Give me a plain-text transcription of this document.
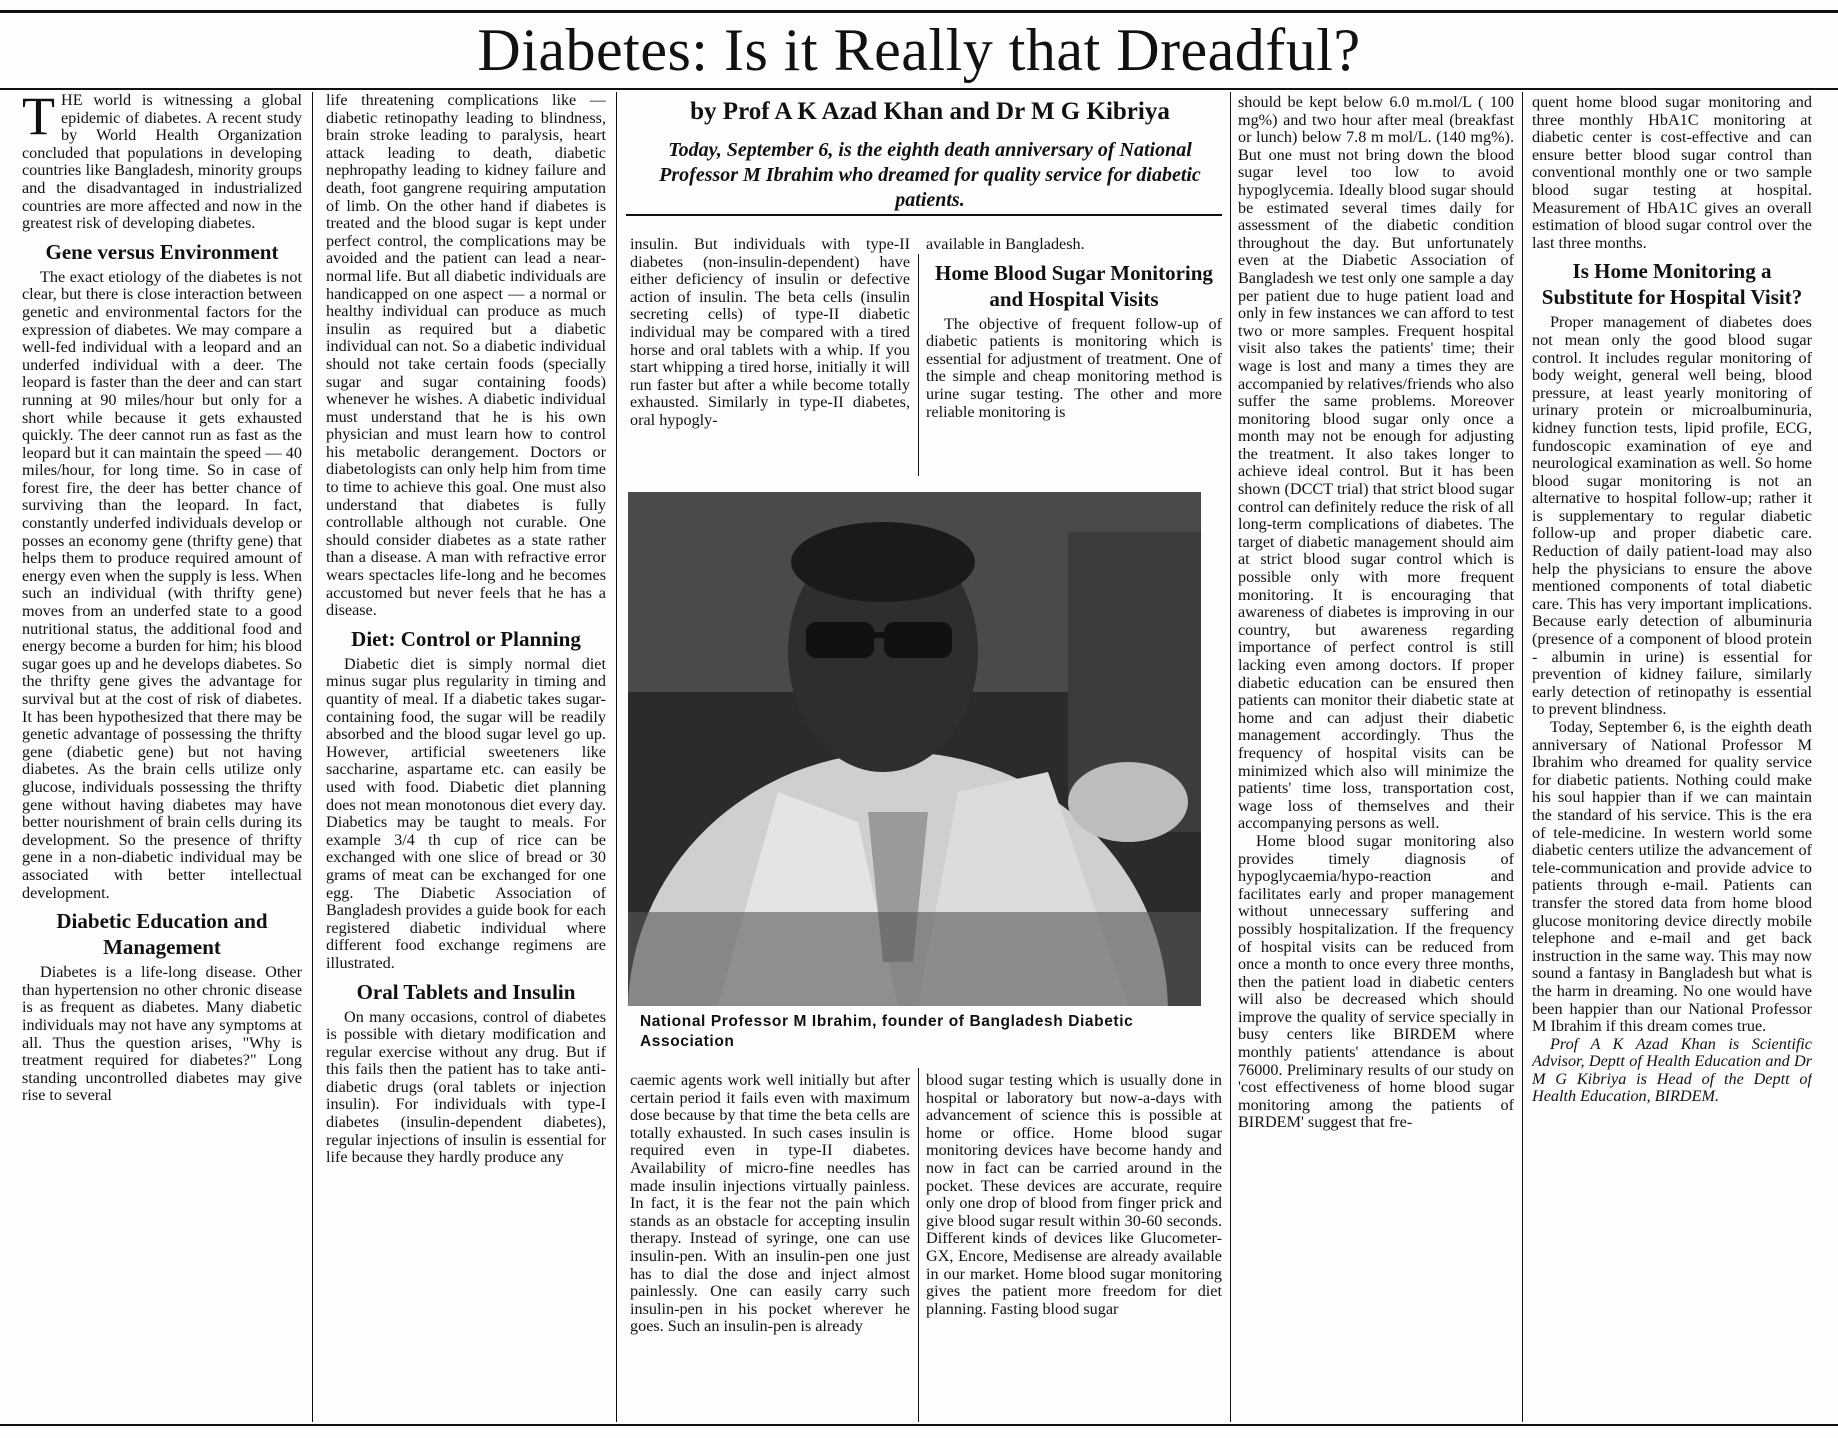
Diabetes: Is it Really that Dreadful?

THE world is witnessing a global epidemic of diabetes. A recent study by World Health Organization concluded that populations in developing countries like Bangladesh, minority groups and the disadvantaged in industrialized countries are more affected and now in the greatest risk of developing diabetes.

Gene versus Environment

The exact etiology of the diabetes is not clear, but there is close interaction between genetic and environmental factors for the expression of diabetes. We may compare a well-fed individual with a leopard and an underfed individual with a deer. The leopard is faster than the deer and can start running at 90 miles/hour but only for a short while because it gets exhausted quickly. The deer cannot run as fast as the leopard but it can maintain the speed — 40 miles/hour, for long time. So in case of forest fire, the deer has better chance of surviving than the leopard. In fact, constantly underfed individuals develop or posses an economy gene (thrifty gene) that helps them to produce required amount of energy even when the supply is less. When such an individual (with thrifty gene) moves from an underfed state to a good nutritional status, the additional food and energy become a burden for him; his blood sugar goes up and he develops diabetes. So the thrifty gene gives the advantage for survival but at the cost of risk of diabetes. It has been hypothesized that there may be genetic advantage of possessing the thrifty gene (diabetic gene) but not having diabetes. As the brain cells utilize only glucose, individuals possessing the thrifty gene without having diabetes may have better nourishment of brain cells during its development. So the presence of thrifty gene in a non-diabetic individual may be associated with better intellectual development.

Diabetic Education and Management

Diabetes is a life-long disease. Other than hypertension no other chronic disease is as frequent as diabetes. Many diabetic individuals may not have any symptoms at all. Thus the question arises, "Why is treatment required for diabetes?" Long standing uncontrolled diabetes may give rise to several

life threatening complications like — diabetic retinopathy leading to blindness, brain stroke leading to paralysis, heart attack leading to death, diabetic nephropathy leading to kidney failure and death, foot gangrene requiring amputation of limb. On the other hand if diabetes is treated and the blood sugar is kept under perfect control, the complications may be avoided and the patient can lead a near-normal life. But all diabetic individuals are handicapped on one aspect — a normal or healthy individual can produce as much insulin as required but a diabetic individual can not. So a diabetic individual should not take certain foods (specially sugar and sugar containing foods) whenever he wishes. A diabetic individual must understand that he is his own physician and must learn how to control his metabolic derangement. Doctors or diabetologists can only help him from time to time to achieve this goal. One must also understand that diabetes is fully controllable although not curable. One should consider diabetes as a state rather than a disease. A man with refractive error wears spectacles life-long and he becomes accustomed but never feels that he has a disease.

Diet: Control or Planning

Diabetic diet is simply normal diet minus sugar plus regularity in timing and quantity of meal. If a diabetic takes sugar-containing food, the sugar will be readily absorbed and the blood sugar level go up. However, artificial sweeteners like saccharine, aspartame etc. can easily be used with food. Diabetic diet planning does not mean monotonous diet every day. Diabetics may be taught to meals. For example 3/4 th cup of rice can be exchanged with one slice of bread or 30 grams of meat can be exchanged for one egg. The Diabetic Association of Bangladesh provides a guide book for each registered diabetic individual where different food exchange regimens are illustrated.

Oral Tablets and Insulin

On many occasions, control of diabetes is possible with dietary modification and regular exercise without any drug. But if this fails then the patient has to take anti-diabetic drugs (oral tablets or injection insulin). For individuals with type-I diabetes (insulin-dependent diabetes), regular injections of insulin is essential for life because they hardly produce any

by Prof A K Azad Khan and Dr M G Kibriya
Today, September 6, is the eighth death anniversary of National Professor M Ibrahim who dreamed for quality service for diabetic patients.

insulin. But individuals with type-II diabetes (non-insulin-dependent) have either deficiency of insulin or defective action of insulin. The beta cells (insulin secreting cells) of type-II diabetic individual may be compared with a tired horse and oral tablets with a whip. If you start whipping a tired horse, initially it will run faster but after a while become totally exhausted. Similarly in type-II diabetes, oral hypogly-

caemic agents work well initially but after certain period it fails even with maximum dose because by that time the beta cells are totally exhausted. In such cases insulin is required even in type-II diabetes. Availability of micro-fine needles has made insulin injections virtually painless. In fact, it is the fear not the pain which stands as an obstacle for accepting insulin therapy. Instead of syringe, one can use insulin-pen. With an insulin-pen one just has to dial the dose and inject almost painlessly. One can easily carry such insulin-pen in his pocket wherever he goes. Such an insulin-pen is already

available in Bangladesh.

Home Blood Sugar Monitoring and Hospital Visits

The objective of frequent follow-up of diabetic patients is monitoring which is essential for adjustment of treatment. One of the simple and cheap monitoring method is urine sugar testing. The other and more reliable monitoring is

blood sugar testing which is usually done in hospital or laboratory but now-a-days with advancement of science this is possible at home or office. Home blood sugar monitoring devices have become handy and now in fact can be carried around in the pocket. These devices are accurate, require only one drop of blood from finger prick and give blood sugar result within 30-60 seconds. Different kinds of devices like Glucometer-GX, Encore, Medisense are already available in our market. Home blood sugar monitoring gives the patient more freedom for diet planning. Fasting blood sugar

National Professor M Ibrahim, founder of Bangladesh Diabetic Association

should be kept below 6.0 m.mol/L ( 100 mg%) and two hour after meal (breakfast or lunch) below 7.8 m mol/L. (140 mg%). But one must not bring down the blood sugar level too low to avoid hypoglycemia. Ideally blood sugar should be estimated several times daily for assessment of the diabetic condition throughout the day. But unfortunately even at the Diabetic Association of Bangladesh we test only one sample a day per patient due to huge patient load and only in few instances we can afford to test two or more samples. Frequent hospital visit also takes the patients' time; their wage is lost and many a times they are accompanied by relatives/friends who also suffer the same problems. Moreover monitoring blood sugar only once a month may not be enough for adjusting the treatment. It also takes longer to achieve ideal control. But it has been shown (DCCT trial) that strict blood sugar control can definitely reduce the risk of all long-term complications of diabetes. The target of diabetic management should aim at strict blood sugar control which is possible only with more frequent monitoring. It is encouraging that awareness of diabetes is improving in our country, but awareness regarding importance of perfect control is still lacking even among doctors. If proper diabetic education can be ensured then patients can monitor their diabetic state at home and can adjust their diabetic management accordingly. Thus the frequency of hospital visits can be minimized which also will minimize the patients' time loss, transportation cost, wage loss of themselves and their accompanying persons as well.

Home blood sugar monitoring also provides timely diagnosis of hypoglycaemia/hypo-reaction and facilitates early and proper management without unnecessary suffering and possibly hospitalization. If the frequency of hospital visits can be reduced from once a month to once every three months, then the patient load in diabetic centers will also be decreased which should improve the quality of service specially in busy centers like BIRDEM where monthly patients' attendance is about 76000. Preliminary results of our study on 'cost effectiveness of home blood sugar monitoring among the patients of BIRDEM' suggest that fre-

quent home blood sugar monitoring and three monthly HbA1C monitoring at diabetic center is cost-effective and can ensure better blood sugar control than conventional monthly one or two sample blood sugar testing at hospital. Measurement of HbA1C gives an overall estimation of blood sugar control over the last three months.

Is Home Monitoring a Substitute for Hospital Visit?

Proper management of diabetes does not mean only the good blood sugar control. It includes regular monitoring of body weight, general well being, blood pressure, at least yearly monitoring of urinary protein or microalbuminuria, kidney function tests, lipid profile, ECG, fundoscopic examination of eye and neurological examination as well. So home blood sugar monitoring is not an alternative to hospital follow-up; rather it is supplementary to regular diabetic follow-up and proper diabetic care. Reduction of daily patient-load may also help the physicians to ensure the above mentioned components of total diabetic care. This has very important implications. Because early detection of albuminuria (presence of a component of blood protein - albumin in urine) is essential for prevention of kidney failure, similarly early detection of retinopathy is essential to prevent blindness.

Today, September 6, is the eighth death anniversary of National Professor M Ibrahim who dreamed for quality service for diabetic patients. Nothing could make his soul happier than if we can maintain the standard of his service. This is the era of tele-medicine. In western world some diabetic centers utilize the advancement of tele-communication and provide advice to patients through e-mail. Patients can transfer the stored data from home blood glucose monitoring device directly mobile telephone and e-mail and get back instruction in the same way. This may now sound a fantasy in Bangladesh but what is the harm in dreaming. No one would have been happier than our National Professor M Ibrahim if this dream comes true.

Prof A K Azad Khan is Scientific Advisor, Deptt of Health Education and Dr M G Kibriya is Head of the Deptt of Health Education, BIRDEM.
